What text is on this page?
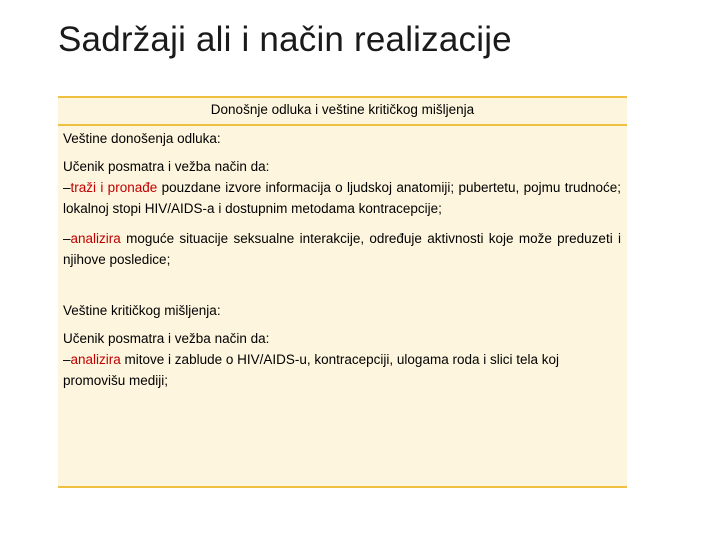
Sadržaji ali i način realizacije
Donošnje odluka i veštine kritičkog mišljenja
Veštine donošenja odluka:
Učenik posmatra i vežba način da:
–traži i pronađe pouzdane izvore informacija o ljudskoj anatomiji; pubertetu, pojmu trudnoće; lokalnoj stopi HIV/AIDS-a i dostupnim metodama kontracepcije;
–analizira moguće situacije seksualne interakcije, određuje aktivnosti koje može preduzeti i njihove posledice;
Veštine kritičkog mišljenja:
Učenik posmatra i vežba način da:
–analizira mitove i zablude o HIV/AIDS-u, kontracepciji, ulogama roda i slici tela koj promovišu mediji;
